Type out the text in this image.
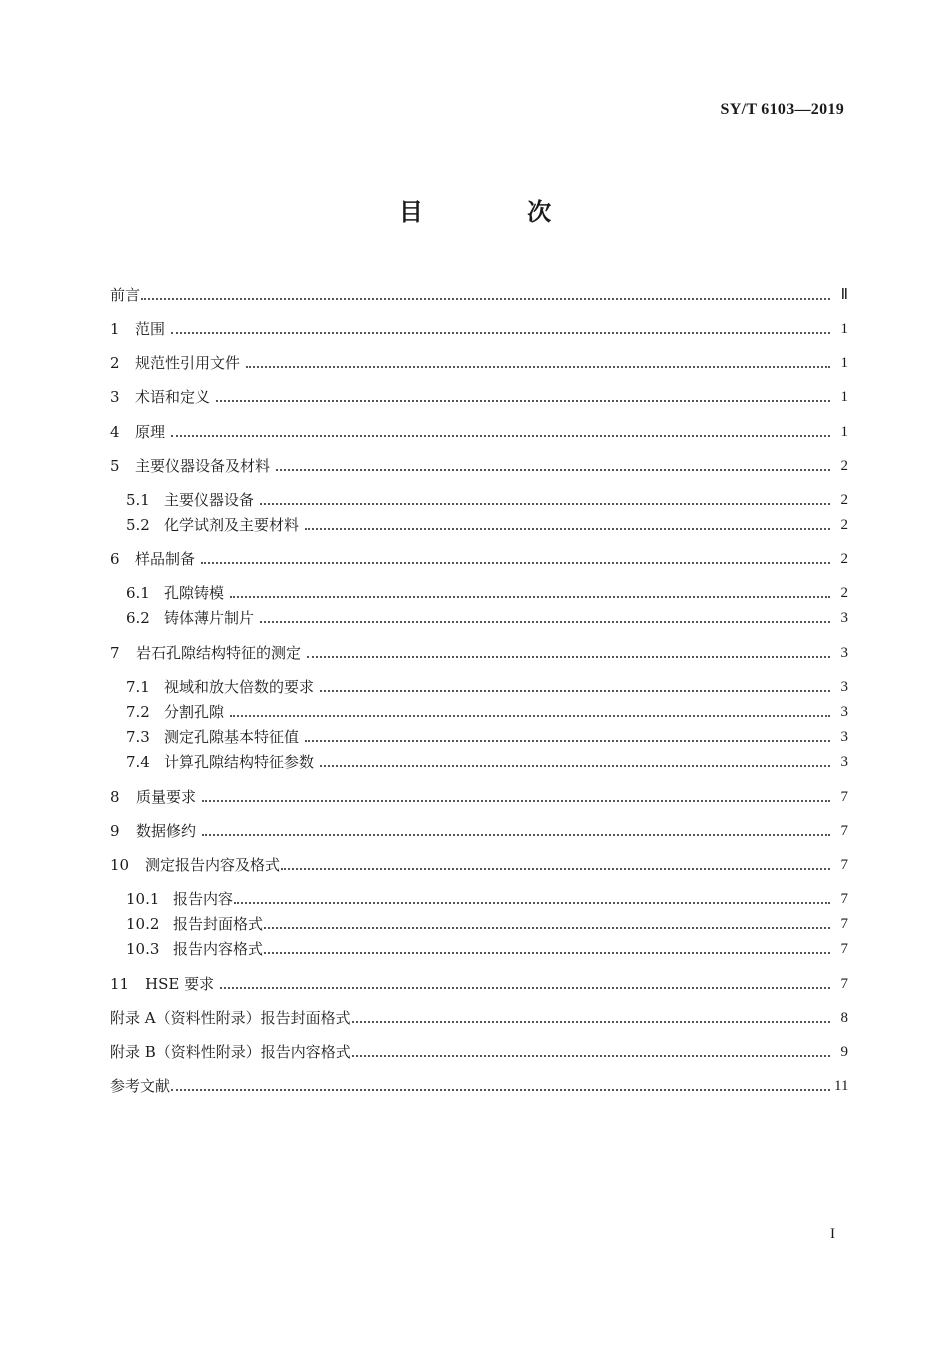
SY/T 6103—2019
目 次
前言	Ⅱ
1	范围	1
2	规范性引用文件	1
3	术语和定义	1
4	原理	1
5	主要仪器设备及材料	2
5.1 主要仪器设备	2
5.2 化学试剂及主要材料	2
6	样品制备	2
6.1 孔隙铸模	2
6.2 铸体薄片制片	3
7	岩石孔隙结构特征的测定	3
7.1 视域和放大倍数的要求	3
7.2 分割孔隙	3
7.3 测定孔隙基本特征值	3
7.4 计算孔隙结构特征参数	3
8	质量要求	7
9	数据修约	7
10	测定报告内容及格式	7
10.1 报告内容	7
10.2 报告封面格式	7
10.3 报告内容格式	7
11	HSE 要求	7
附录 A（资料性附录）报告封面格式	8
附录 B（资料性附录）报告内容格式	9
参考文献	11
I
